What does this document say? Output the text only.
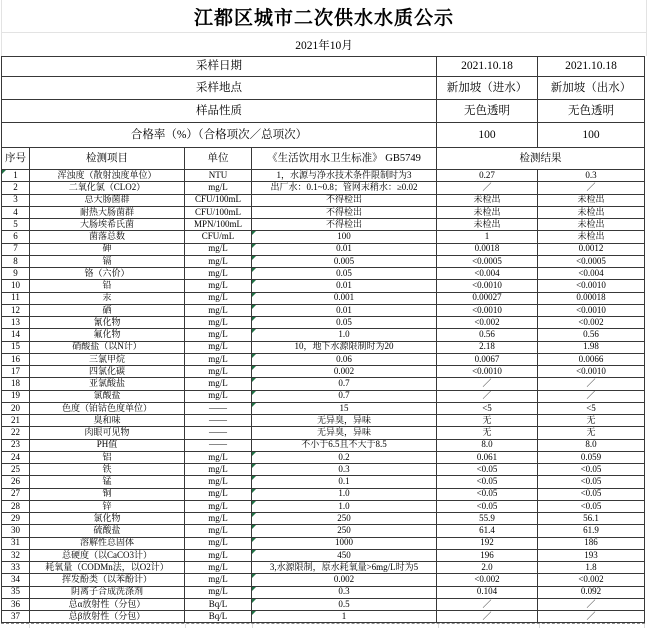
江都区城市二次供水水质公示
2021年10月
采样日期				2021.10.18	2021.10.18
采样地点				新加坡（进水）	新加坡（出水）
样品性质				无色透明	无色透明
合格率（%）（合格项次／总项次）				100	100
序号	检测项目	单位	《生活饮用水卫生标准》 GB5749	检测结果	
1	浑浊度（散射浊度单位）	NTU	1，水源与净水技术条件限制时为3	0.27	0.3
2	二氧化氯（CLO2）	mg/L	出厂水：0.1~0.8；管网末稍水：≥0.02	／	／
3	总大肠菌群	CFU/100mL	不得检出	未检出	未检出
4	耐热大肠菌群	CFU/100mL	不得检出	未检出	未检出
5	大肠埃希氏菌	MPN/100mL	不得检出	未检出	未检出
6	菌落总数	CFU/mL	100	1	未检出
7	砷	mg/L	0.01	0.0018	0.0012
8	镉	mg/L	0.005	<0.0005	<0.0005
9	铬（六价）	mg/L	0.05	<0.004	<0.004
10	铅	mg/L	0.01	<0.0010	<0.0010
11	汞	mg/L	0.001	0.00027	0.00018
12	硒	mg/L	0.01	<0.0010	<0.0010
13	氰化物	mg/L	0.05	<0.002	<0.002
14	氟化物	mg/L	1.0	0.56	0.56
15	硝酸盐（以N计）	mg/L	10，地下水源限制时为20	2.18	1.98
16	三氯甲烷	mg/L	0.06	0.0067	0.0066
17	四氯化碳	mg/L	0.002	<0.0010	<0.0010
18	亚氯酸盐	mg/L	0.7	／	／
19	氯酸盐	mg/L	0.7	／	／
20	色度（铂钴色度单位）	——	15	<5	<5
21	臭和味	——	无异臭，异味	无	无
22	肉眼可见物	——	无异臭，异味	无	无
23	PH值	——	不小于6.5且不大于8.5	8.0	8.0
24	铝	mg/L	0.2	0.061	0.059
25	铁	mg/L	0.3	<0.05	<0.05
26	锰	mg/L	0.1	<0.05	<0.05
27	铜	mg/L	1.0	<0.05	<0.05
28	锌	mg/L	1.0	<0.05	<0.05
29	氯化物	mg/L	250	55.9	56.1
30	硫酸盐	mg/L	250	61.4	61.9
31	溶解性总固体	mg/L	1000	192	186
32	总硬度（以CaCO3计）	mg/L	450	196	193
33	耗氧量（CODMn法，以O2计）	mg/L	3,水源限制，原水耗氧量>6mg/L时为5	2.0	1.8
34	挥发酚类（以苯酚计）	mg/L	0.002	<0.002	<0.002
35	阴离子合成洗涤剂	mg/L	0.3	0.104	0.092
36	总α放射性（分包）	Bq/L	0.5	／	／
37	总β放射性（分包）	Bq/L	1	／	／
